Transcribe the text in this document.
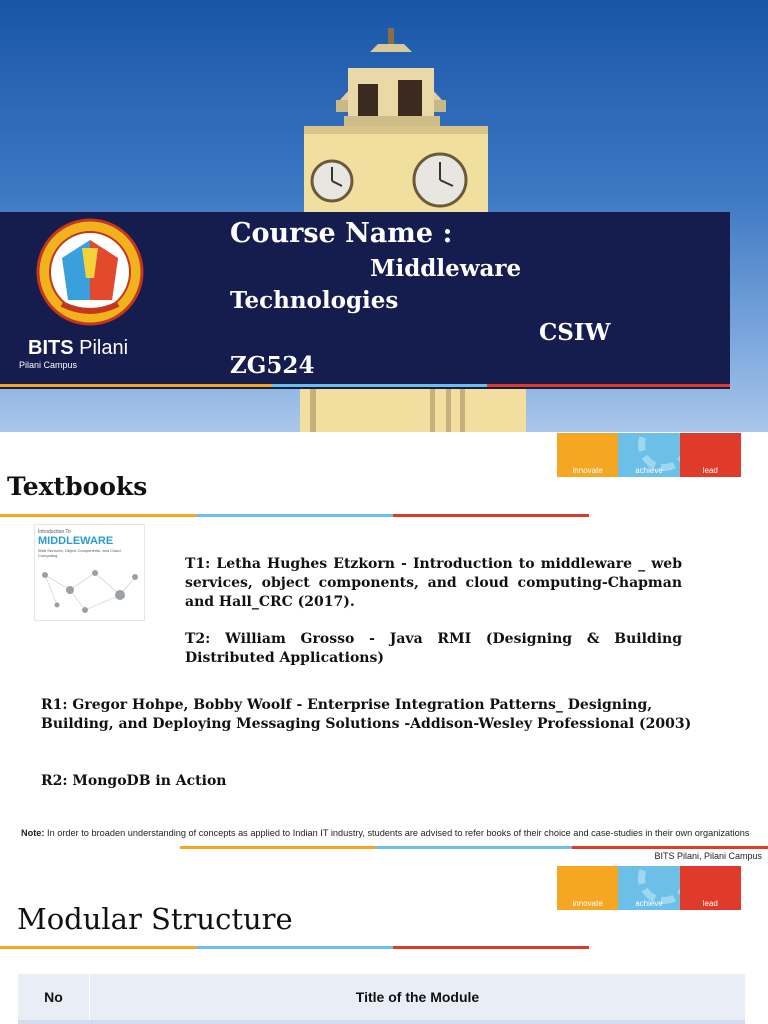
BITS Pilani
Pilani Campus
Course Name :
Middleware
Technologies
CSIW
ZG524
innovate	achieve	lead
Textbooks
Introduction To
MIDDLEWARE
Web Services, Object Components, and Cloud Computing
T1: Letha Hughes Etzkorn - Introduction to middleware _ web services, object components, and cloud computing-Chapman and Hall_CRC (2017).
T2: William Grosso - Java RMI (Designing & Building Distributed Applications)
R1: Gregor Hohpe, Bobby Woolf - Enterprise Integration Patterns_ Designing, Building, and Deploying Messaging Solutions -Addison-Wesley Professional (2003)
R2: MongoDB in Action
Note: In order to broaden understanding of concepts as applied to Indian IT industry, students are advised to refer books of their choice and case-studies in their own organizations
BITS Pilani, Pilani Campus
innovate	achieve	lead
Modular Structure
No	Title of the Module
